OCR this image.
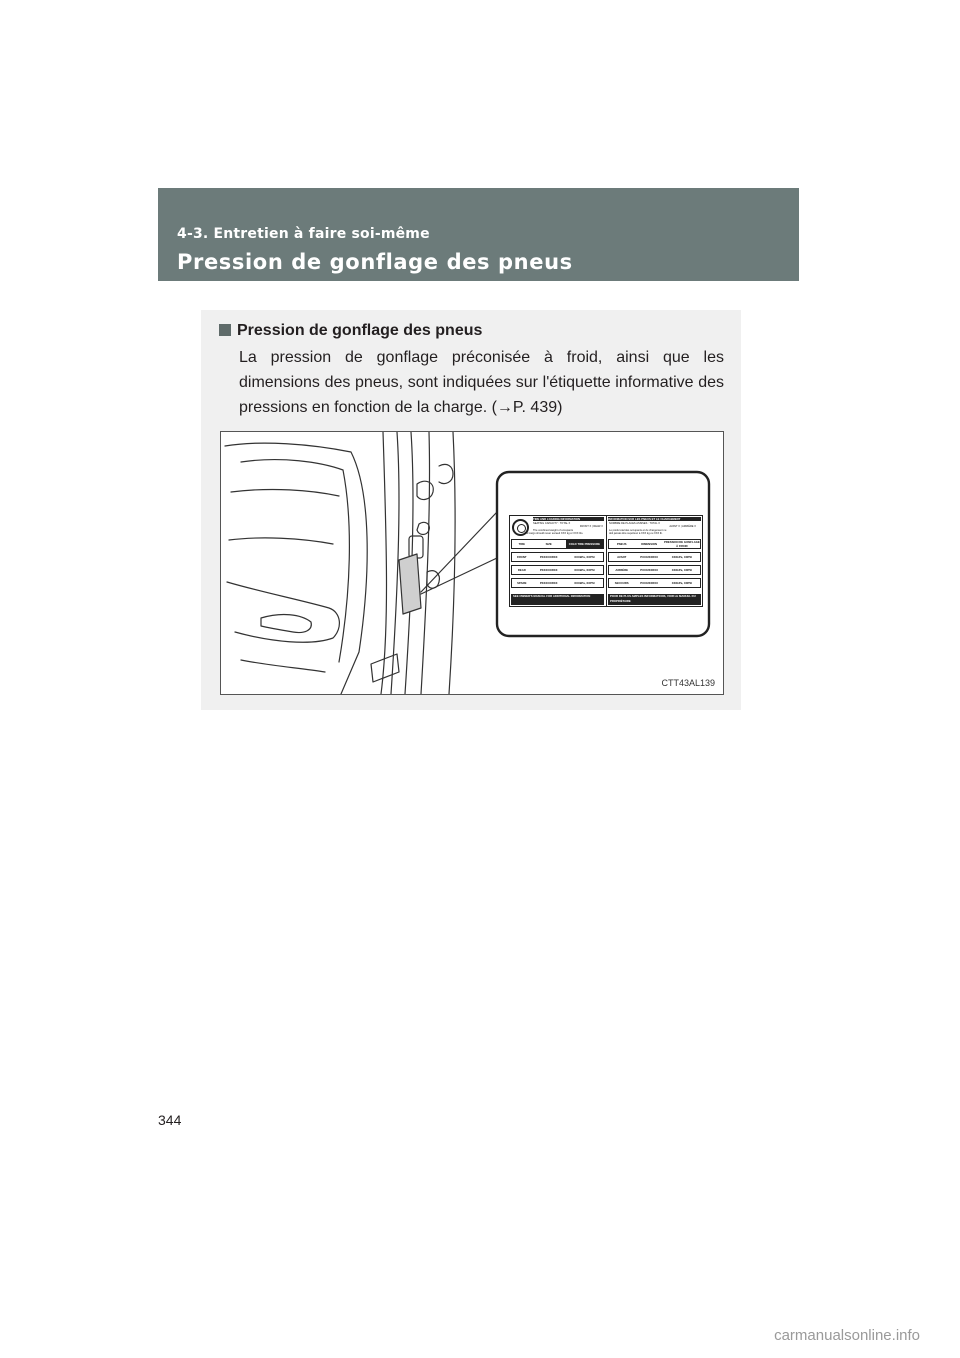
4-3. Entretien à faire soi-même
Pression de gonflage des pneus
Pression de gonflage des pneus

La pression de gonflage préconisée à froid, ainsi que les dimensions des pneus, sont indiquées sur l'étiquette informative des pressions en fonction de la charge. (→P. 439)

TIRE AND LOADING INFORMATION
SEATING CAPACITY : TOTAL X
FRONT X | REAR X
The combined weight of occupants
and cargo should never exceed XXX kg or XXX lbs.
TIRE	SIZE	COLD TIRE PRESSURE
FRONT	PXXX/XXRXX	XXXkPa, XXPSI
REAR	PXXX/XXRXX	XXXkPa, XXPSI
SPARE	PXXX/XXRXX	XXXkPa, XXPSI
SEE OWNER'S MANUAL FOR ADDITIONAL INFORMATION
INFORMATION SUR LES PNEUS ET LE CHARGEMENT
NOMBRE DE PLACES ASSISES : TOTAL X
AVANT X | ARRIÈRE X
Le poids total des occupants et du chargement ne
doit jamais être supérieur à XXX kg ou XXX lb.
PNEUS	DIMENSION	PRESSION DE GONFLAGE À FROID
AVANT	PXXX/XXRXX	XXXkPa, XXPSI
ARRIÈRE	PXXX/XXRXX	XXXkPa, XXPSI
SECOURS	PXXX/XXRXX	XXXkPa, XXPSI
POUR DE PLUS AMPLES INFORMATIONS, VOIR LE MANUEL DU PROPRIÉTAIRE
CTT43AL139
344
carmanualsonline.info
